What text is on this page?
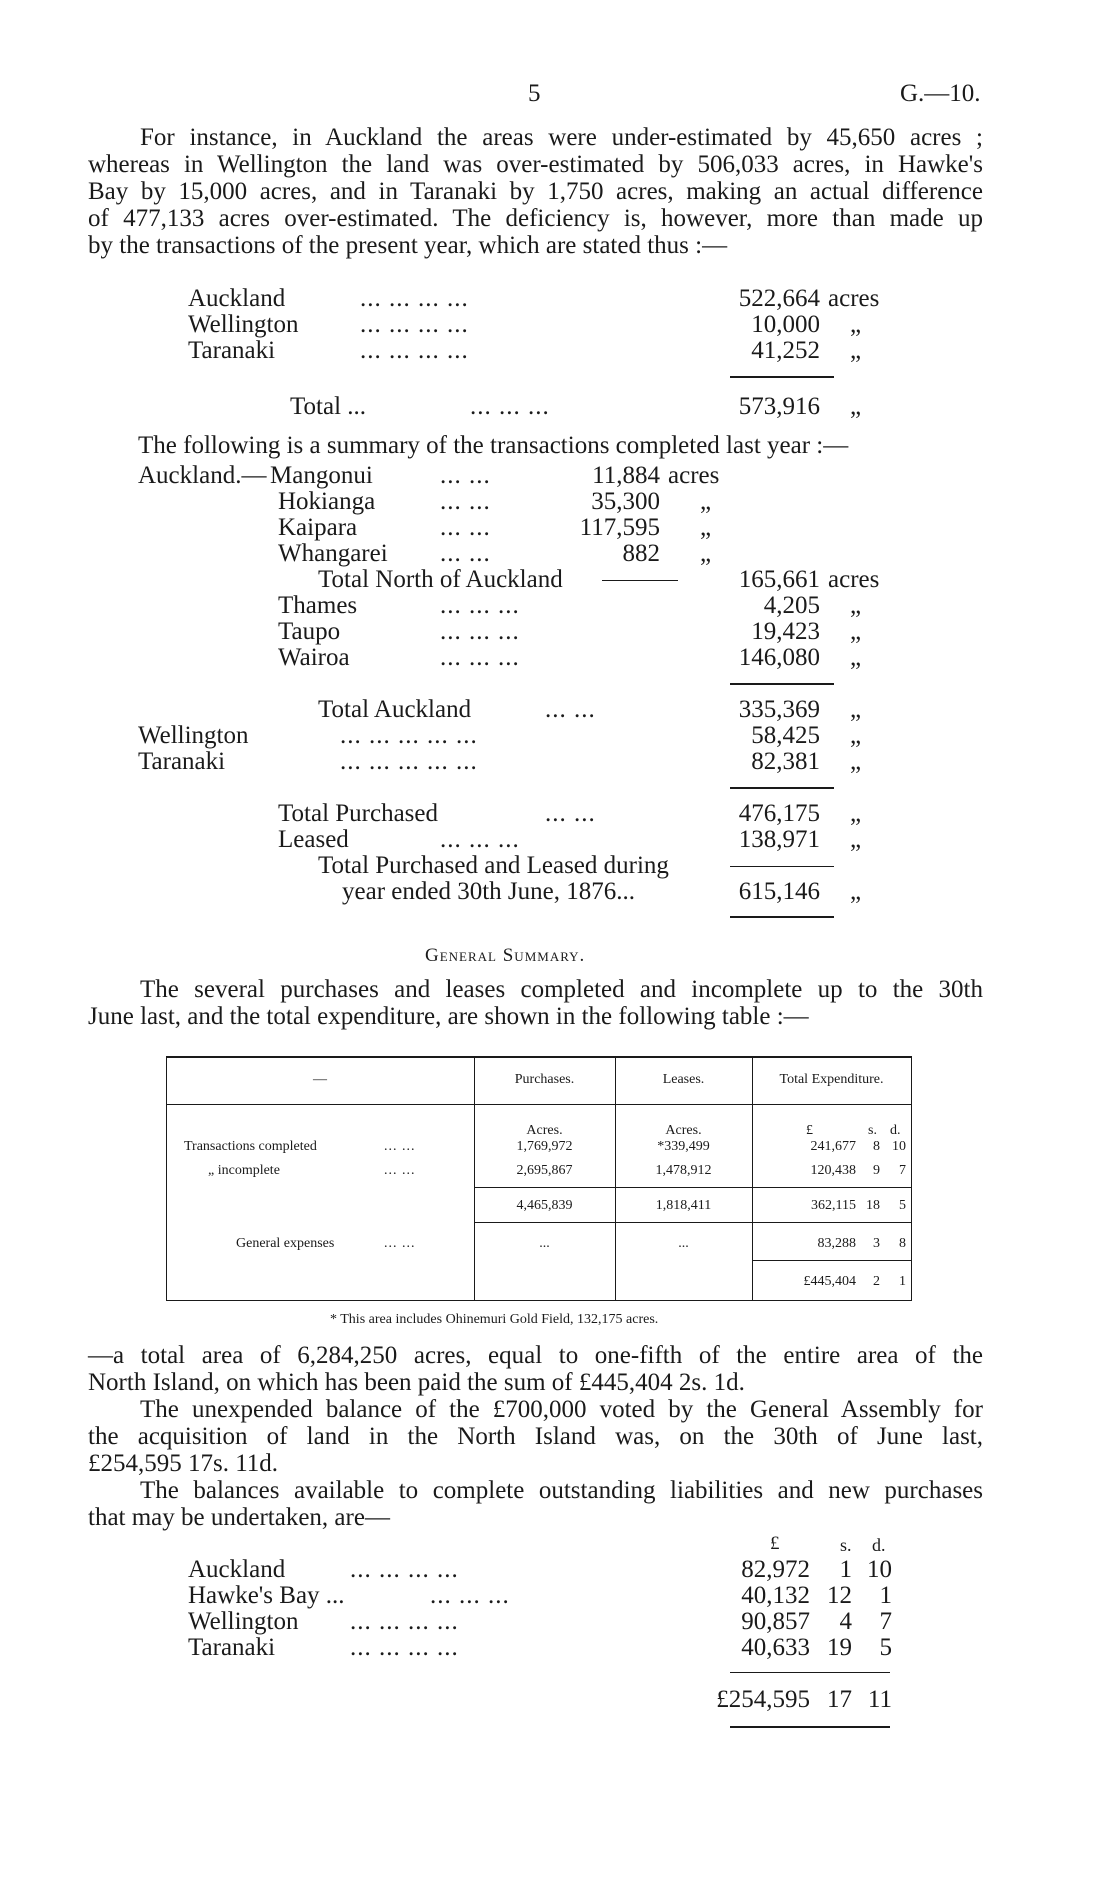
5	G.—10.
For instance, in Auckland the areas were under-estimated by 45,650 acres ;
whereas in Wellington the land was over-estimated by 506,033 acres, in Hawke's
Bay by 15,000 acres, and in Taranaki by 1,750 acres, making an actual difference
of 477,133 acres over-estimated. The deficiency is, however, more than made up
by the transactions of the present year, which are stated thus :—
Auckland	... ... ... ...	522,664 acres
Wellington ... ... ... ...	10,000 „
Taranaki	... ... ... ...	41,252 „
Total ...	... ... ...	573,916 „
The following is a summary of the transactions completed last year :—
Auckland.— Mangonui	... ...	11,884 acres
Hokianga	... ...	35,300 „
Kaipara	... ...	117,595 „
Whangarei ... ...	882 „
Total North of Auckland	165,661 acres
Thames	... ... ...	4,205 „
Taupo	... ... ...	19,423 „
Wairoa	... ... ...	146,080 „
Total Auckland	... ...	335,369 „
Wellington	... ... ... ... ...	58,425 „
Taranaki	... ... ... ... ...	82,381 „
Total Purchased	... ...	476,175 „
Leased	... ... ...	138,971 „
Total Purchased and Leased during
year ended 30th June, 1876...	615,146 „
General Summary.
The several purchases and leases completed and incomplete up to the 30th
June last, and the total expenditure, are shown in the following table :—
—	Purchases.	Leases.	Total Expenditure.
Acres.	Acres.	£	s. d.
Transactions completed	... ...	1,769,972	*339,499	241,677	8 10
„ incomplete	... ...	2,695,867	1,478,912	120,438	9	7
4,465,839	1,818,411	362,115 18	5
General expenses	... ...	...	...	83,288	3	8
£445,404	2	1
* This area includes Ohinemuri Gold Field, 132,175 acres.
—a total area of 6,284,250 acres, equal to one-fifth of the entire area of the
North Island, on which has been paid the sum of £445,404 2s. 1d.
The unexpended balance of the £700,000 voted by the General Assembly for
the acquisition of land in the North Island was, on the 30th of June last,
£254,595 17s. 11d.
The balances available to complete outstanding liabilities and new purchases
that may be undertaken, are—
£	s. d.
Auckland	... ... ... ...	82,972	1 10
Hawke's Bay ...	... ... ...	40,132 12	1
Wellington ... ... ... ...	90,857	4	7
Taranaki	... ... ... ...	40,633 19	5
£254,595 17 11
